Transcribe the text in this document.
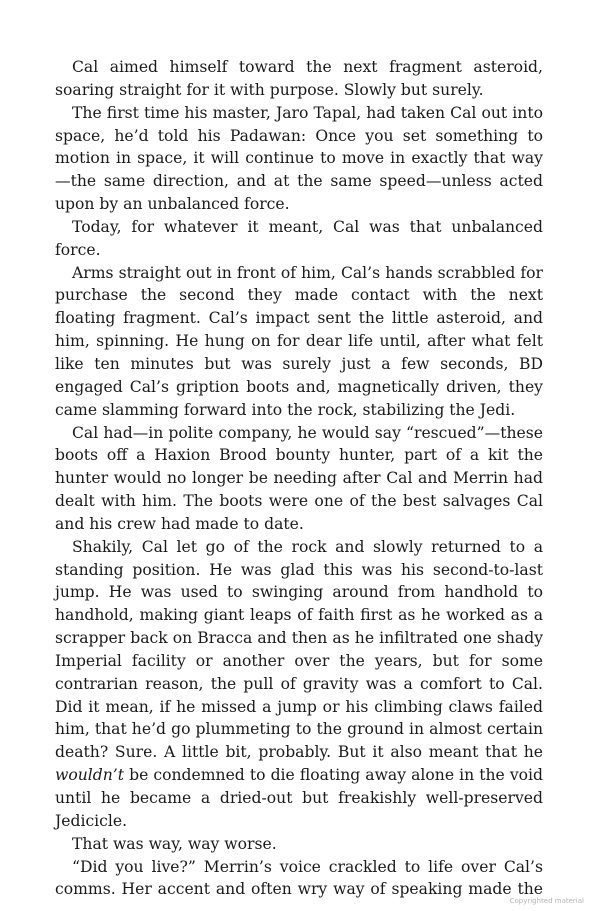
Cal aimed himself toward the next fragment asteroid, soaring straight for it with purpose. Slowly but surely.

The first time his master, Jaro Tapal, had taken Cal out into space, he’d told his Padawan: Once you set something to motion in space, it will continue to move in exactly that way—the same direction, and at the same speed—unless acted upon by an unbalanced force.

Today, for whatever it meant, Cal was that unbalanced force.

Arms straight out in front of him, Cal’s hands scrabbled for purchase the second they made contact with the next floating fragment. Cal’s impact sent the little asteroid, and him, spinning. He hung on for dear life until, after what felt like ten minutes but was surely just a few seconds, BD engaged Cal’s gription boots and, magnetically driven, they came slamming forward into the rock, stabilizing the Jedi.

Cal had—in polite company, he would say “rescued”—these boots off a Haxion Brood bounty hunter, part of a kit the hunter would no longer be needing after Cal and Merrin had dealt with him. The boots were one of the best salvages Cal and his crew had made to date.

Shakily, Cal let go of the rock and slowly returned to a standing position. He was glad this was his second-to-last jump. He was used to swinging around from handhold to handhold, making giant leaps of faith first as he worked as a scrapper back on Bracca and then as he infiltrated one shady Imperial facility or another over the years, but for some contrarian reason, the pull of gravity was a comfort to Cal. Did it mean, if he missed a jump or his climbing claws failed him, that he’d go plummeting to the ground in almost certain death? Sure. A little bit, probably. But it also meant that he wouldn’t be condemned to die floating away alone in the void until he became a dried-out but freakishly well-preserved Jedicicle.

That was way, way worse.

“Did you live?” Merrin’s voice crackled to life over Cal’s comms. Her accent and often wry way of speaking made the

Copyrighted material
